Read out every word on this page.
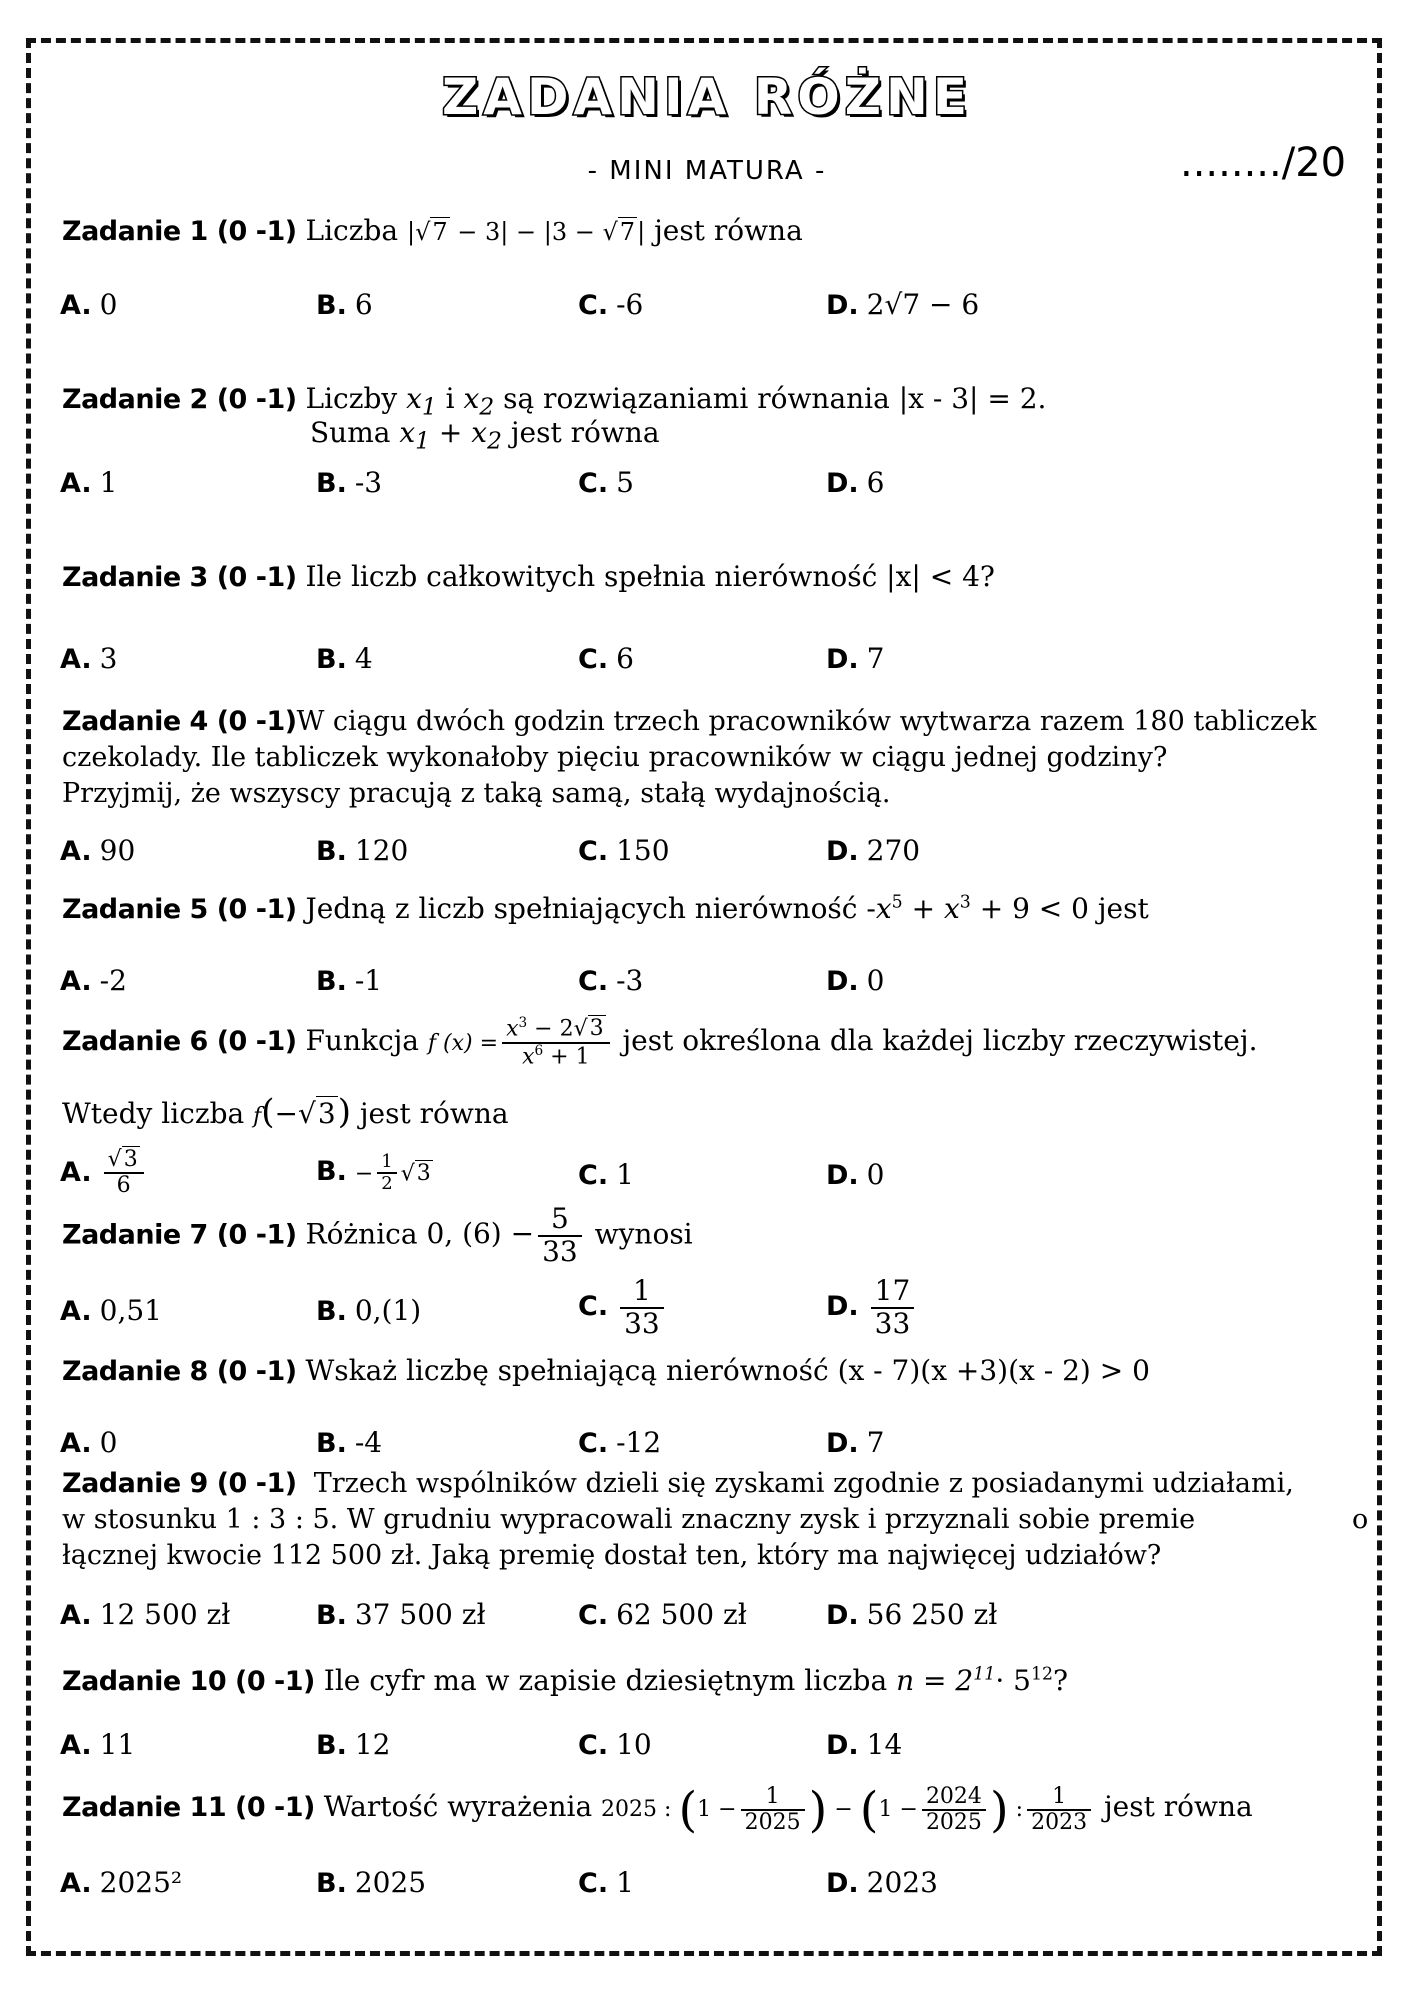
ZADANIA RÓŻNE
- MINI MATURA -	......../20
Zadanie 1 (0 -1) Liczba |√7 − 3| − |3 − √7| jest równa
A. 0	B. 6	C. -6	D. 2√7 − 6
Zadanie 2 (0 -1) Liczby $x_1$ i $x_2$ są rozwiązaniami równania |x - 3| = 2.
Suma $x_1 + x_2$ jest równa
A. 1	B. -3	C. 5	D. 6
Zadanie 3 (0 -1) Ile liczb całkowitych spełnia nierówność |x| < 4?
A. 3	B. 4	C. 6	D. 7
Zadanie 4 (0 -1)W ciągu dwóch godzin trzech pracowników wytwarza razem 180 tabliczek
czekolady. Ile tabliczek wykonałoby pięciu pracowników w ciągu jednej godziny?
Przyjmij, że wszyscy pracują z taką samą, stałą wydajnością.
A. 90	B. 120	C. 150	D. 270
Zadanie 5 (0 -1) Jedną z liczb spełniających nierówność $-x^5 + x^3 + 9 < 0$ jest
A. -2	B. -1	C. -3	D. 0
Zadanie 6 (0 -1) Funkcja f $(x) = \frac{x^3 - 2√3}{x^6 + 1}$ jest określona dla każdej liczby rzeczywistej.
Wtedy liczba f(−√3) jest równa
A. $\frac{√3}{6}$	B. − $\frac{1}{2} √3$	C. 1	D. 0
Zadanie 7 (0 -1) Różnica 0, $(6) - \frac{5}{33}$ wynosi
A. 0,51	B. 0,(1)	C. $\frac{1}{33}$	D. $\frac{17}{33}$
Zadanie 8 (0 -1) Wskaż liczbę spełniającą nierówność (x - 7)(x +3)(x - 2) > 0
A. 0	B. -4	C. -12	D. 7
Zadanie 9 (0 -1) Trzech wspólników dzieli się zyskami zgodnie z posiadanymi udziałami,
w stosunku 1 : 3 : 5. W grudniu wypracowali znaczny zysk i przyznali sobie premie	o
łącznej kwocie 112 500 zł. Jaką premię dostał ten, który ma najwięcej udziałów?
A. 12 500 zł	B. 37 500 zł	C. 62 500 zł	D. 56 250 zł
Zadanie 10 (0 -1) Ile cyfr ma w zapisie dziesiętnym liczba $n = 2^{11}\cdot 5^{12}$?
A. 11	B. 12	C. 10	D. 14
Zadanie 11 (0 -1) Wartość wyrażenia 2025 : ($1 - \frac{1}{2025}$ ) − ($1 - \frac{2024}{2025}$ ) : $\frac{1}{2023}$ jest równa
A. 2025²	B. 2025	C. 1	D. 2023
